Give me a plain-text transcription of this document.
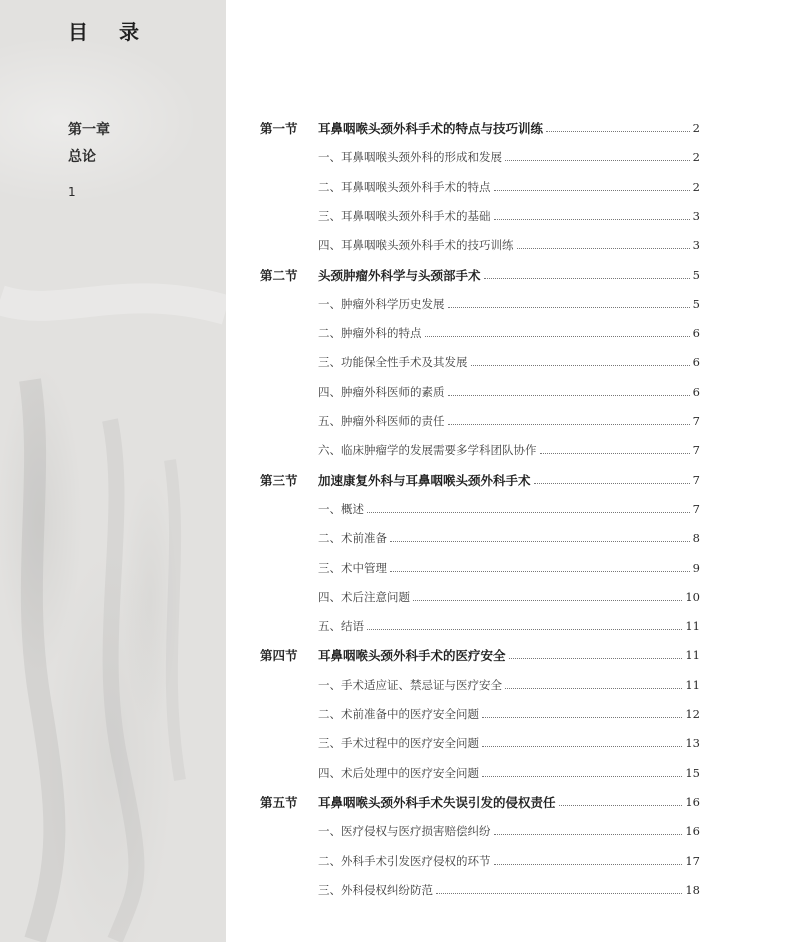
目 录
第一章
总论
1
第一节	耳鼻咽喉头颈外科手术的特点与技巧训练	2
一、耳鼻咽喉头颈外科的形成和发展	2
二、耳鼻咽喉头颈外科手术的特点	2
三、耳鼻咽喉头颈外科手术的基础	3
四、耳鼻咽喉头颈外科手术的技巧训练	3
第二节	头颈肿瘤外科学与头颈部手术	5
一、肿瘤外科学历史发展	5
二、肿瘤外科的特点	6
三、功能保全性手术及其发展	6
四、肿瘤外科医师的素质	6
五、肿瘤外科医师的责任	7
六、临床肿瘤学的发展需要多学科团队协作	7
第三节	加速康复外科与耳鼻咽喉头颈外科手术	7
一、概述	7
二、术前准备	8
三、术中管理	9
四、术后注意问题	10
五、结语	11
第四节	耳鼻咽喉头颈外科手术的医疗安全	11
一、手术适应证、禁忌证与医疗安全	11
二、术前准备中的医疗安全问题	12
三、手术过程中的医疗安全问题	13
四、术后处理中的医疗安全问题	15
第五节	耳鼻咽喉头颈外科手术失误引发的侵权责任	16
一、医疗侵权与医疗损害赔偿纠纷	16
二、外科手术引发医疗侵权的环节	17
三、外科侵权纠纷防范	18
